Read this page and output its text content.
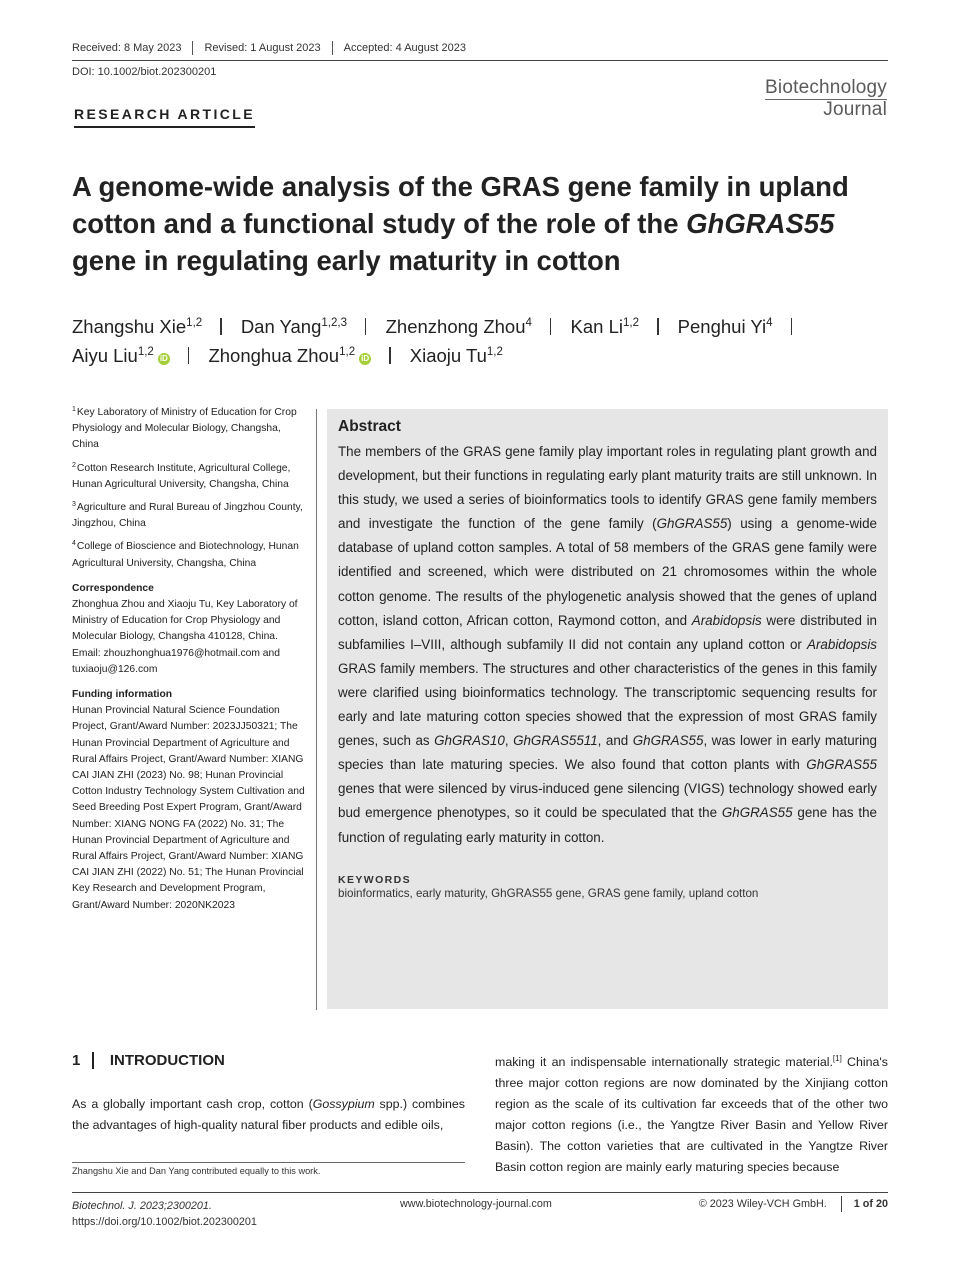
Received: 8 May 2023 Revised: 1 August 2023 Accepted: 4 August 2023
DOI: 10.1002/biot.202300201
Biotechnology
Journal
RESEARCH ARTICLE
A genome-wide analysis of the GRAS gene family in upland cotton and a functional study of the role of the GhGRAS55 gene in regulating early maturity in cotton
Zhangshu Xie$^{1,2}$ Dan Yang$^{1,2,3}$ Zhenzhong Zhou$^4$ Kan Li$^{1,2}$ Penghui Yi$^4$
Aiyu Liu$^{1,2}$iD Zhonghua Zhou$^{1,2}$iD Xiaoju Tu$^{1,2}$
$^1$Key Laboratory of Ministry of Education for Crop Physiology and Molecular Biology, Changsha, China
$^2$Cotton Research Institute, Agricultural College, Hunan Agricultural University, Changsha, China
$^3$Agriculture and Rural Bureau of Jingzhou County, Jingzhou, China
$^4$College of Bioscience and Biotechnology, Hunan Agricultural University, Changsha, China
Correspondence
Zhonghua Zhou and Xiaoju Tu, Key Laboratory of Ministry of Education for Crop Physiology and Molecular Biology, Changsha 410128, China.
Email: zhouzhonghua1976@hotmail.com and tuxiaoju@126.com
Funding information
Hunan Provincial Natural Science Foundation Project, Grant/Award Number: 2023JJ50321; The Hunan Provincial Department of Agriculture and Rural Affairs Project, Grant/Award Number: XIANG CAI JIAN ZHI (2023) No. 98; Hunan Provincial Cotton Industry Technology System Cultivation and Seed Breeding Post Expert Program, Grant/Award Number: XIANG NONG FA (2022) No. 31; The Hunan Provincial Department of Agriculture and Rural Affairs Project, Grant/Award Number: XIANG CAI JIAN ZHI (2022) No. 51; The Hunan Provincial Key Research and Development Program, Grant/Award Number: 2020NK2023
Abstract

The members of the GRAS gene family play important roles in regulating plant growth and development, but their functions in regulating early plant maturity traits are still unknown. In this study, we used a series of bioinformatics tools to identify GRAS gene family members and investigate the function of the gene family (GhGRAS55) using a genome-wide database of upland cotton samples. A total of 58 members of the GRAS gene family were identified and screened, which were distributed on 21 chromosomes within the whole cotton genome. The results of the phylogenetic analysis showed that the genes of upland cotton, island cotton, African cotton, Raymond cotton, and Arabidopsis were distributed in subfamilies I–VIII, although subfamily II did not contain any upland cotton or Arabidopsis GRAS family members. The structures and other characteristics of the genes in this family were clarified using bioinformatics technology. The transcriptomic sequencing results for early and late maturing cotton species showed that the expression of most GRAS family genes, such as GhGRAS10, GhGRAS5511, and GhGRAS55, was lower in early maturing species than late maturing species. We also found that cotton plants with GhGRAS55 genes that were silenced by virus-induced gene silencing (VIGS) technology showed early bud emergence phenotypes, so it could be speculated that the GhGRAS55 gene has the function of regulating early maturity in cotton.

KEYWORDS
bioinformatics, early maturity, GhGRAS55 gene, GRAS gene family, upland cotton
1 INTRODUCTION

As a globally important cash crop, cotton (Gossypium spp.) combines the advantages of high-quality natural fiber products and edible oils,

making it an indispensable internationally strategic material.[1] China's three major cotton regions are now dominated by the Xinjiang cotton region as the scale of its cultivation far exceeds that of the other two major cotton regions (i.e., the Yangtze River Basin and Yellow River Basin). The cotton varieties that are cultivated in the Yangtze River Basin cotton region are mainly early maturing species because

Zhangshu Xie and Dan Yang contributed equally to this work.
Biotechnol. J. 2023;2300201.
https://doi.org/10.1002/biot.202300201
www.biotechnology-journal.com	© 2023 Wiley-VCH GmbH.	1 of 20
